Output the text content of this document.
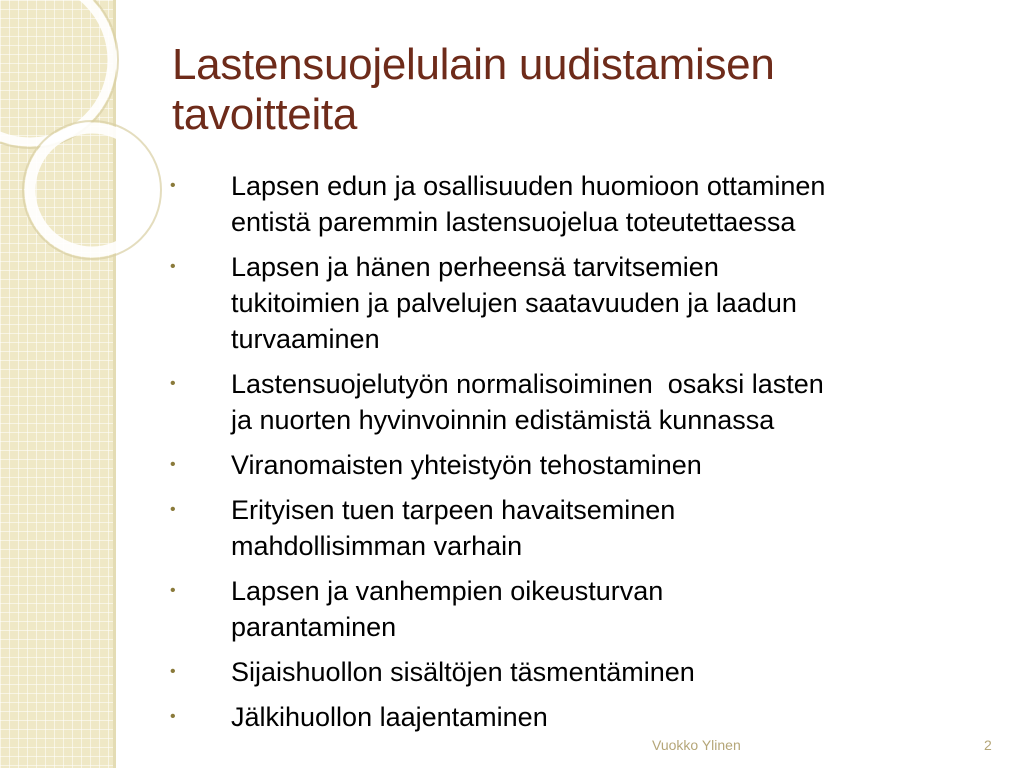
Lastensuojelulain uudistamisen
tavoitteita
• Lapsen edun ja osallisuuden huomioon ottaminen
entistä paremmin lastensuojelua toteutettaessa
• Lapsen ja hänen perheensä tarvitsemien
tukitoimien ja palvelujen saatavuuden ja laadun
turvaaminen
• Lastensuojelutyön normalisoiminen  osaksi lasten
ja nuorten hyvinvoinnin edistämistä kunnassa
• Viranomaisten yhteistyön tehostaminen
• Erityisen tuen tarpeen havaitseminen
mahdollisimman varhain
• Lapsen ja vanhempien oikeusturvan
parantaminen
• Sijaishuollon sisältöjen täsmentäminen
• Jälkihuollon laajentaminen
Vuokko Ylinen	2
